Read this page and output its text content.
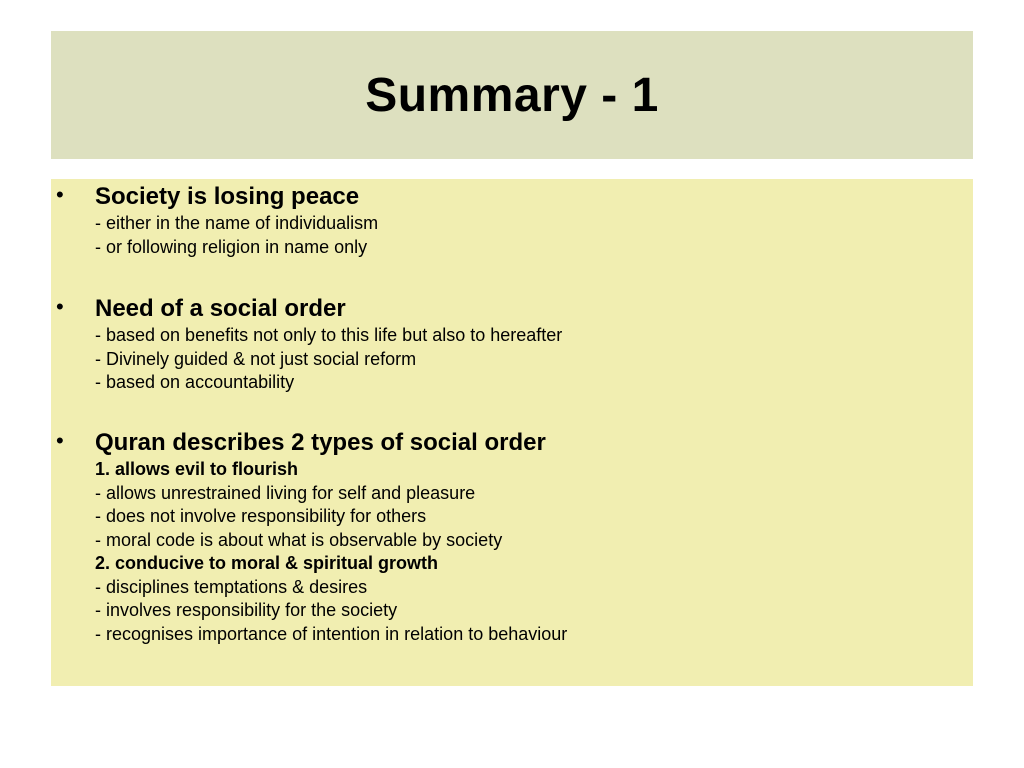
Summary - 1
• Society is losing peace
- either in the name of individualism
- or following religion in name only
• Need of a social order
- based on benefits not only to this life but also to hereafter
- Divinely guided & not just social reform
- based on accountability
• Quran describes 2 types of social order
1. allows evil to flourish
- allows unrestrained living for self and pleasure
- does not involve responsibility for others
- moral code is about what is observable by society
2. conducive to moral & spiritual growth
- disciplines temptations & desires
- involves responsibility for the society
- recognises importance of intention in relation to behaviour
